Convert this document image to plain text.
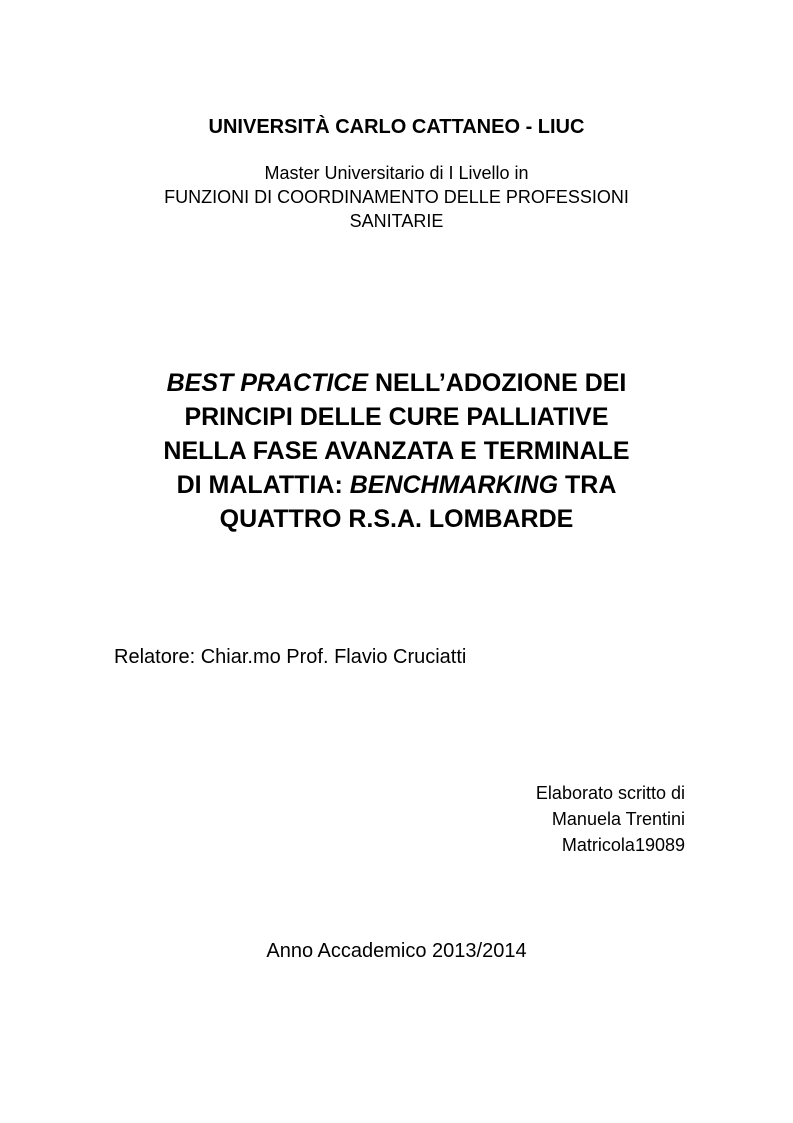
UNIVERSITÀ CARLO CATTANEO - LIUC
Master Universitario di I Livello in
FUNZIONI DI COORDINAMENTO DELLE PROFESSIONI
SANITARIE
BEST PRACTICE NELL’ADOZIONE DEI
PRINCIPI DELLE CURE PALLIATIVE
NELLA FASE AVANZATA E TERMINALE
DI MALATTIA: BENCHMARKING TRA
QUATTRO R.S.A. LOMBARDE
Relatore: Chiar.mo Prof. Flavio Cruciatti
Elaborato scritto di
Manuela Trentini
Matricola19089
Anno Accademico 2013/2014
